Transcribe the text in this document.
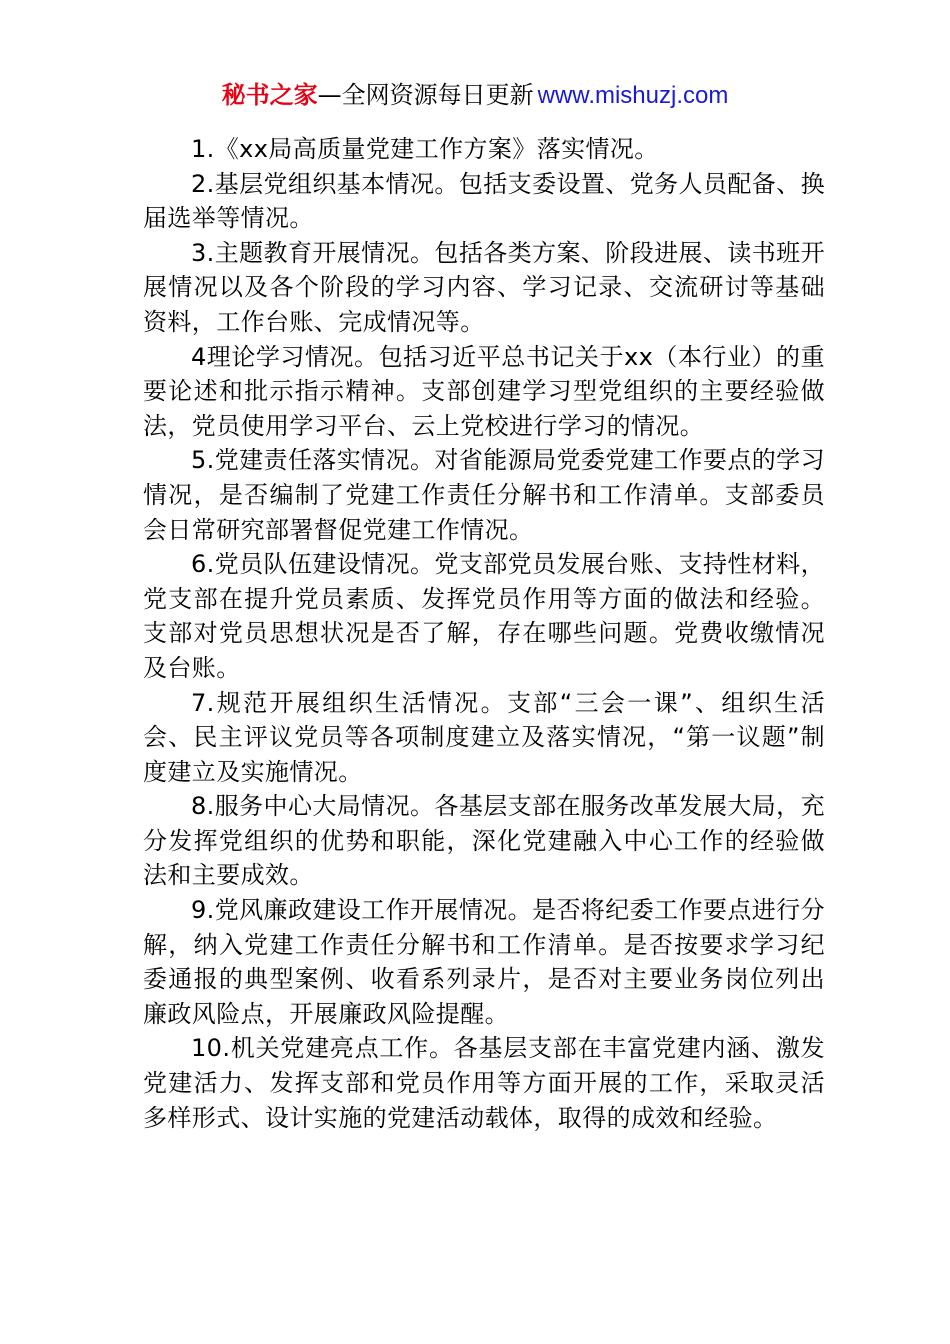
秘书之家—全网资源每日更新 www.mishuzj.com

1.《xx局高质量党建工作方案》落实情况。

2.基层党组织基本情况。包括支委设置、党务人员配备、换届选举等情况。

3.主题教育开展情况。包括各类方案、阶段进展、读书班开展情况以及各个阶段的学习内容、学习记录、交流研讨等基础资料，工作台账、完成情况等。

4理论学习情况。包括习近平总书记关于xx（本行业）的重要论述和批示指示精神。支部创建学习型党组织的主要经验做法，党员使用学习平台、云上党校进行学习的情况。

5.党建责任落实情况。对省能源局党委党建工作要点的学习情况，是否编制了党建工作责任分解书和工作清单。支部委员会日常研究部署督促党建工作情况。

6.党员队伍建设情况。党支部党员发展台账、支持性材料，党支部在提升党员素质、发挥党员作用等方面的做法和经验。支部对党员思想状况是否了解，存在哪些问题。党费收缴情况及台账。

7.规范开展组织生活情况。支部“三会一课”、组织生活会、民主评议党员等各项制度建立及落实情况，“第一议题”制度建立及实施情况。

8.服务中心大局情况。各基层支部在服务改革发展大局，充分发挥党组织的优势和职能，深化党建融入中心工作的经验做法和主要成效。

9.党风廉政建设工作开展情况。是否将纪委工作要点进行分解，纳入党建工作责任分解书和工作清单。是否按要求学习纪委通报的典型案例、收看系列录片，是否对主要业务岗位列出廉政风险点，开展廉政风险提醒。

10.机关党建亮点工作。各基层支部在丰富党建内涵、激发党建活力、发挥支部和党员作用等方面开展的工作，采取灵活多样形式、设计实施的党建活动载体，取得的成效和经验。
